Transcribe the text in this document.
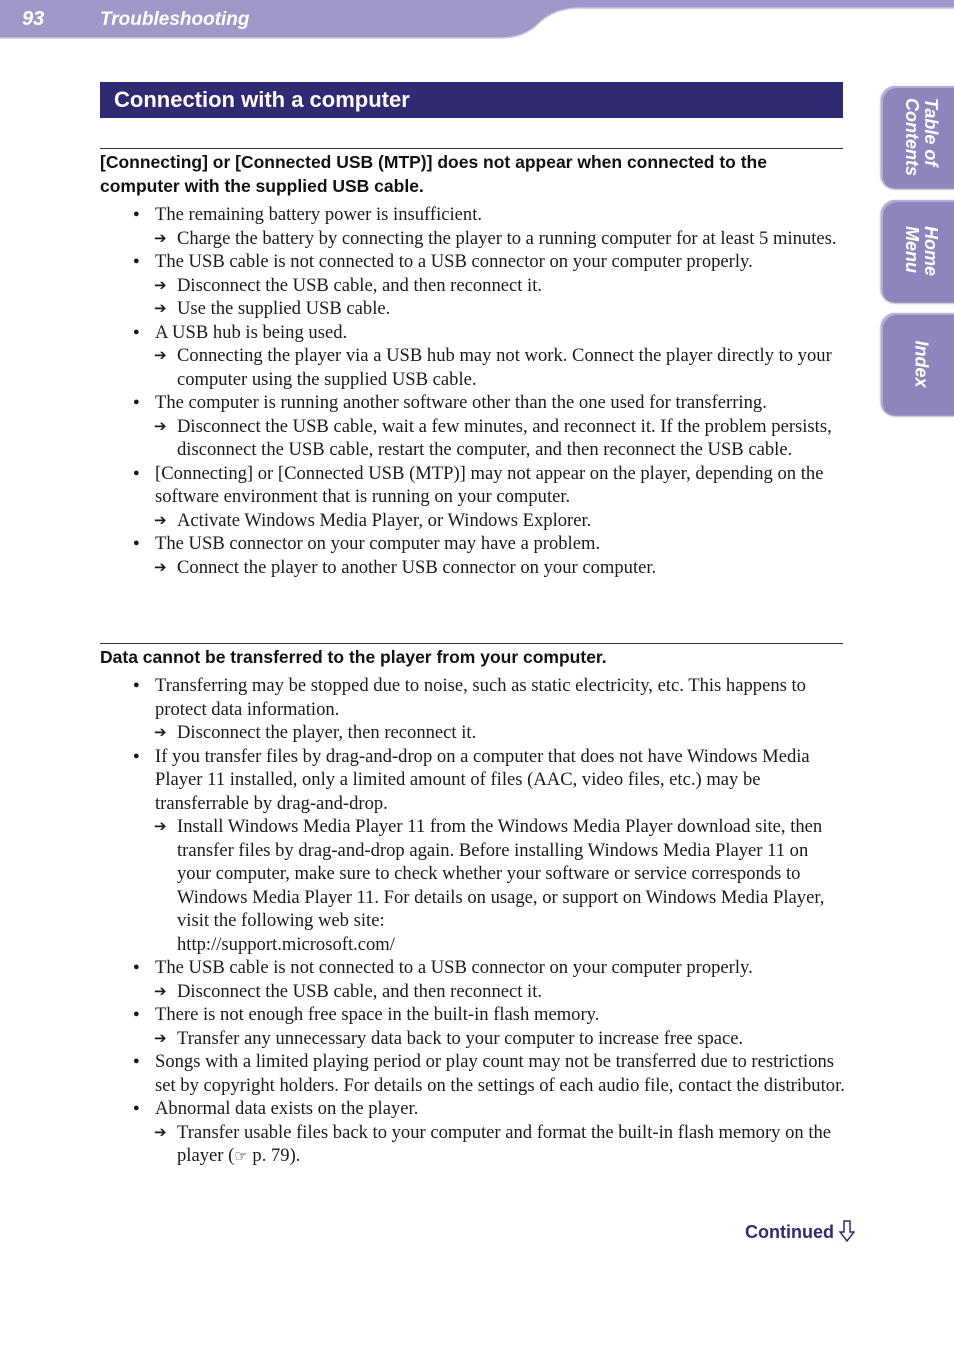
93	Troubleshooting
Table of
Contents
Home
Menu
Index
Connection with a computer
[Connecting] or [Connected USB (MTP)] does not appear when connected to the computer with the supplied USB cable.
● The remaining battery power is insufficient.
➔ Charge the battery by connecting the player to a running computer for at least 5 minutes.
● The USB cable is not connected to a USB connector on your computer properly.
➔ Disconnect the USB cable, and then reconnect it.
➔ Use the supplied USB cable.
● A USB hub is being used.
➔ Connecting the player via a USB hub may not work. Connect the player directly to your computer using the supplied USB cable.
● The computer is running another software other than the one used for transferring.
➔ Disconnect the USB cable, wait a few minutes, and reconnect it. If the problem persists, disconnect the USB cable, restart the computer, and then reconnect the USB cable.
● [Connecting] or [Connected USB (MTP)] may not appear on the player, depending on the software environment that is running on your computer.
➔ Activate Windows Media Player, or Windows Explorer.
● The USB connector on your computer may have a problem.
➔ Connect the player to another USB connector on your computer.
Data cannot be transferred to the player from your computer.
● Transferring may be stopped due to noise, such as static electricity, etc. This happens to protect data information.
➔ Disconnect the player, then reconnect it.
● If you transfer files by drag-and-drop on a computer that does not have Windows Media Player 11 installed, only a limited amount of files (AAC, video files, etc.) may be transferrable by drag-and-drop.
➔ Install Windows Media Player 11 from the Windows Media Player download site, then transfer files by drag-and-drop again. Before installing Windows Media Player 11 on your computer, make sure to check whether your software or service corresponds to Windows Media Player 11. For details on usage, or support on Windows Media Player, visit the following web site:
http://support.microsoft.com/
● The USB cable is not connected to a USB connector on your computer properly.
➔ Disconnect the USB cable, and then reconnect it.
● There is not enough free space in the built-in flash memory.
➔ Transfer any unnecessary data back to your computer to increase free space.
● Songs with a limited playing period or play count may not be transferred due to restrictions set by copyright holders. For details on the settings of each audio file, contact the distributor.
● Abnormal data exists on the player.
➔ Transfer usable files back to your computer and format the built-in flash memory on the player (☞ p. 79).
Continued
